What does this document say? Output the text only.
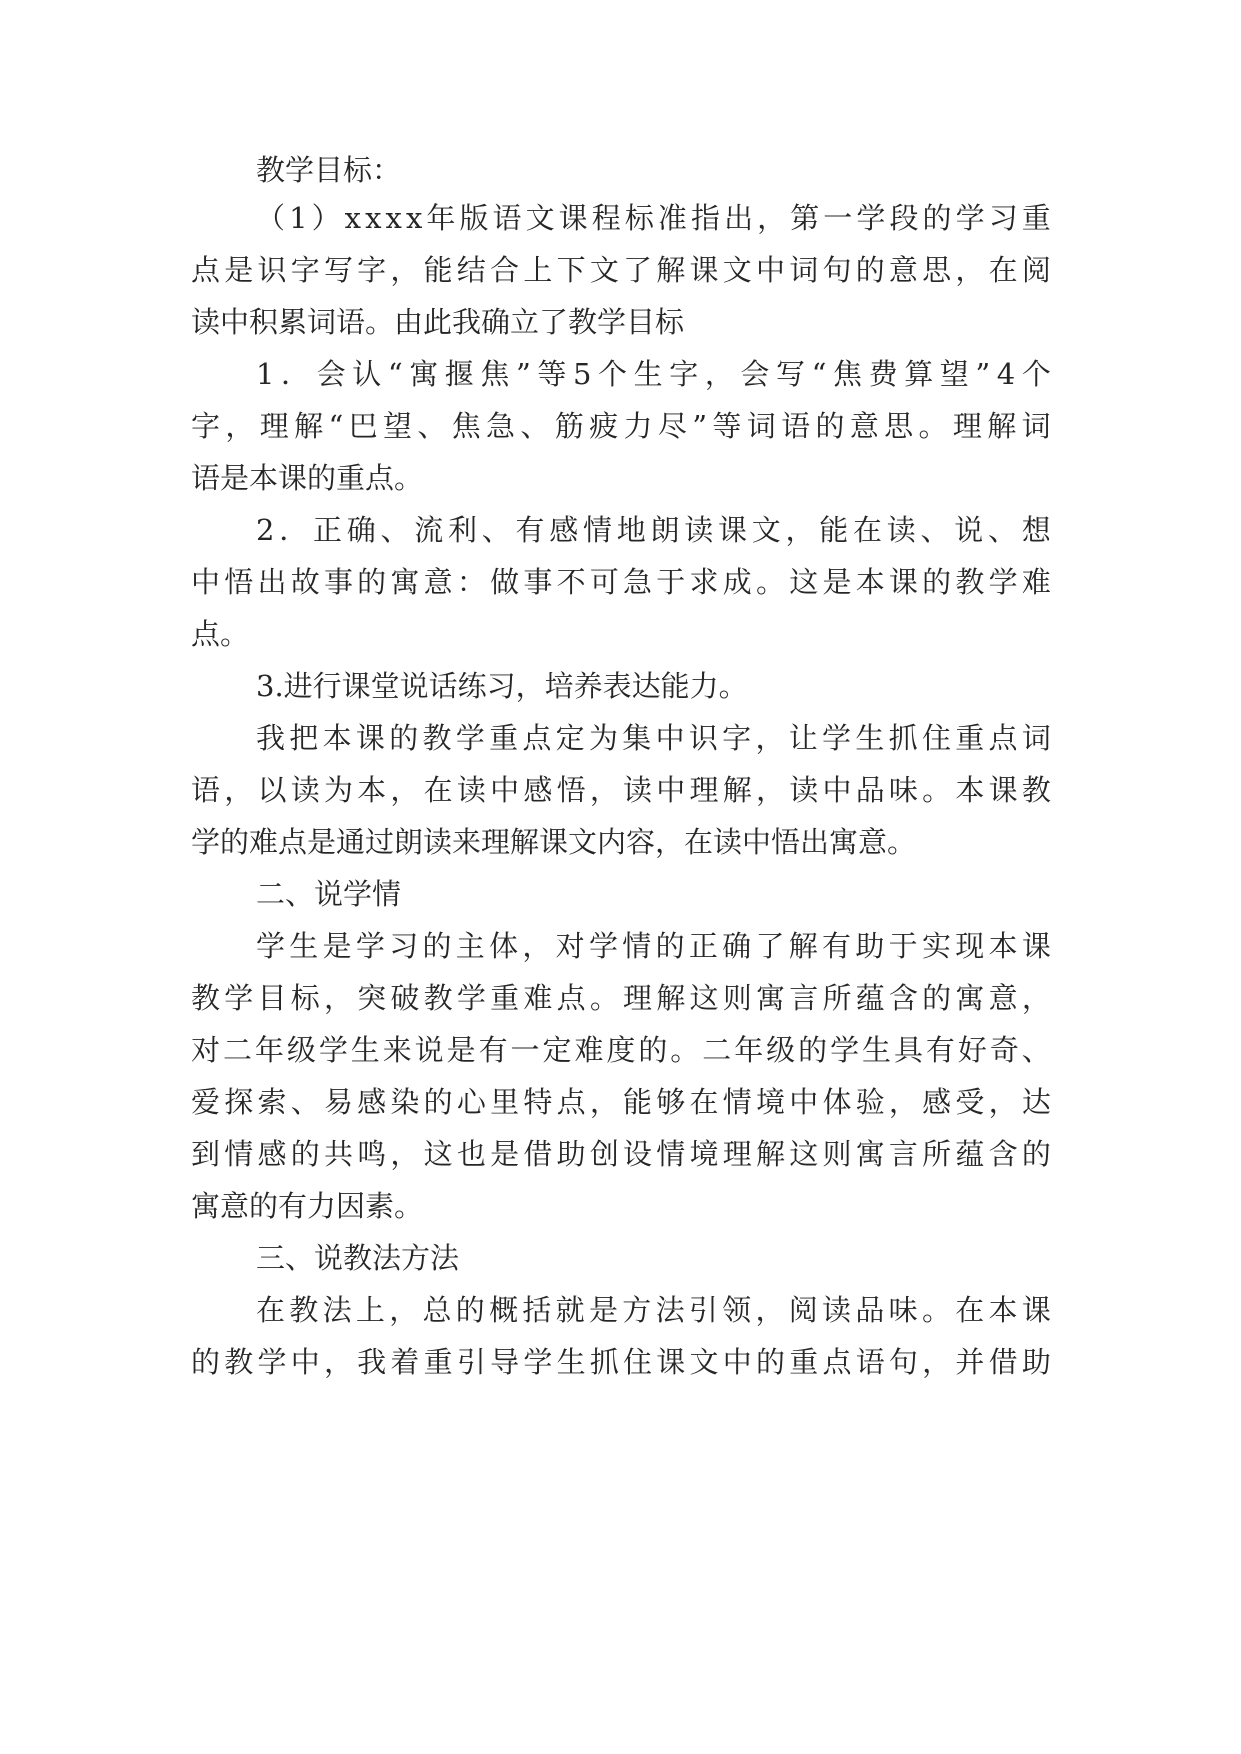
教学目标：
（ 1 ） x x x x 年 版 语 文 课 程 标 准 指 出 ， 第 一 学 段 的 学 习 重
点 是 识 字 写 字 ， 能 结 合 上 下 文 了 解 课 文 中 词 句 的 意 思 ， 在 阅
读中积累词语。由此我确立了教学目标
1 ． 会 认 “ 寓 揠 焦 ” 等 5 个 生 字 ， 会 写 “ 焦 费 算 望 ” 4 个
字 ， 理 解 “ 巴 望 、 焦 急 、 筋 疲 力 尽 ” 等 词 语 的 意 思 。 理 解 词
语是本课的重点。
2 ． 正 确 、 流 利 、 有 感 情 地 朗 读 课 文 ， 能 在 读 、 说 、 想
中 悟 出 故 事 的 寓 意 ： 做 事 不 可 急 于 求 成 。 这 是 本 课 的 教 学 难
点。
3.进行课堂说话练习，培养表达能力。
我 把 本 课 的 教 学 重 点 定 为 集 中 识 字 ， 让 学 生 抓 住 重 点 词
语 ， 以 读 为 本 ， 在 读 中 感 悟 ， 读 中 理 解 ， 读 中 品 味 。 本 课 教
学的难点是通过朗读来理解课文内容，在读中悟出寓意。
二、说学情
学 生 是 学 习 的 主 体 ， 对 学 情 的 正 确 了 解 有 助 于 实 现 本 课
教 学 目 标 ， 突 破 教 学 重 难 点 。 理 解 这 则 寓 言 所 蕴 含 的 寓 意 ，
对 二 年 级 学 生 来 说 是 有 一 定 难 度 的 。 二 年 级 的 学 生 具 有 好 奇 、
爱 探 索 、 易 感 染 的 心 里 特 点 ， 能 够 在 情 境 中 体 验 ， 感 受 ， 达
到 情 感 的 共 鸣 ， 这 也 是 借 助 创 设 情 境 理 解 这 则 寓 言 所 蕴 含 的
寓意的有力因素。
三、说教法方法
在 教 法 上 ， 总 的 概 括 就 是 方 法 引 领 ， 阅 读 品 味 。 在 本 课
的 教 学 中 ， 我 着 重 引 导 学 生 抓 住 课 文 中 的 重 点 语 句 ， 并 借 助
